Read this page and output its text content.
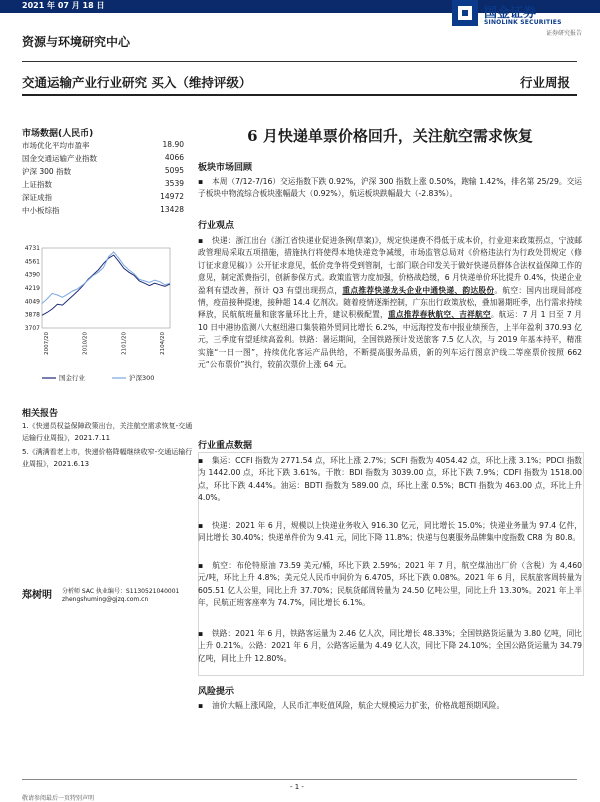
2021 年 07 月 18 日
国金证券
SINOLINK SECURITIES
证券研究报告
资源与环境研究中心
交通运输产业行业研究 买入（维持评级）	行业周报
市场数据(人民币)
市场优化平均市盈率	18.90
国金交通运输产业指数	4066
沪深 300 指数	5095
上证指数	3539
深证成指	14972
中小板综指	13428
4731
4561
4390
4219
4049
3878
3707
2007/20	2010/20	2101/20	2104/20
国金行业	沪深300
相关报告
1.《快递员权益保障政策出台，关注航空需求恢复-交通运输行业周报》，2021.7.11
5.《满满看老上市，快递价格降幅继续收窄-交通运输行业周报》，2021.6.13
郑树明 分析师 SAC 执业编号：S1130521040001
zhengshuming@gjzq.com.cn
6 月快递单票价格回升，关注航空需求恢复
板块市场回顾
▪ 本周（7/12-7/16）交运指数下跌 0.92%，沪深 300 指数上涨 0.50%，跑输 1.42%，排名第 25/29。交运子板块中物流综合板块涨幅最大（0.92%），航运板块跌幅最大（-2.83%）。
行业观点
▪ 快递：浙江出台《浙江省快递业促进条例(草案)》，规定快递费不得低于成本价，行业迎来政策拐点，宁波邮政管理局采取五项措施，措施执行将使得本地快递竞争减缓，市场监管总局对《价格违法行为行政处罚规定（修订征求意见稿）》公开征求意见，低价竞争将受到管制，七部门联合印发关于做好快递员群体合法权益保障工作的意见，制定派费指引，创新参保方式。政策监管力度加强，价格战趋缓，6 月快递单价环比提升 0.4%，快递企业盈利有望改善，预计 Q3 有望出现拐点，重点推荐快递龙头企业中通快递、韵达股份。航空：国内出现局部疫情，疫苗接种提速，接种超 14.4 亿剂次。随着疫情逐渐控制，广东出行政策放松，叠加暑期旺季，出行需求持续释放，民航航班量和旅客量环比上升，建议积极配置，重点推荐春秋航空、吉祥航空。航运：7 月 1 日至 7 月 10 日中港协监测八大枢纽港口集装箱外贸同比增长 6.2%，中远海控发布中报业绩预告，上半年盈利 370.93 亿元，三季度有望延续高盈利。铁路：暑运期间，全国铁路预计发送旅客 7.5 亿人次，与 2019 年基本持平，精准实施“一日一图”，持续优化客运产品供给，不断提高服务品质，新的列车运行图京沪线二等座票价按照 662 元“公布票价”执行，较前次票价上涨 64 元。
行业重点数据
▪ 集运：CCFI 指数为 2771.54 点，环比上涨 2.7%；SCFI 指数为 4054.42 点，环比上涨 3.1%；PDCI 指数为 1442.00 点，环比下跌 3.61%。干散：BDI 指数为 3039.00 点，环比下跌 7.9%；CDFI 指数为 1518.00 点，环比下跌 4.44%。油运：BDTI 指数为 589.00 点，环比上涨 0.5%；BCTI 指数为 463.00 点，环比上升 4.0%。
▪ 快递：2021 年 6 月，规模以上快递业务收入 916.30 亿元，同比增长 15.0%；快递业务量为 97.4 亿件，同比增长 30.40%；快递单件价为 9.41 元，同比下降 11.8%；快递与包裹服务品牌集中度指数 CR8 为 80.8。
▪ 航空：布伦特原油 73.59 美元/桶，环比下跌 2.59%；2021 年 7 月，航空煤油出厂价（含税）为 4,460 元/吨，环比上升 4.8%；美元兑人民币中间价为 6.4705，环比下跌 0.08%。2021 年 6 月，民航旅客周转量为 605.51 亿人公里，同比上升 37.70%；民航货邮周转量为 24.50 亿吨公里，同比上升 13.30%。2021 年上半年，民航正班客座率为 74.7%，同比增长 6.1%。
▪ 铁路：2021 年 6 月，铁路客运量为 2.46 亿人次，同比增长 48.33%；全国铁路货运量为 3.80 亿吨，同比上升 0.21%。公路：2021 年 6 月，公路客运量为 4.49 亿人次，同比下降 24.10%；全国公路货运量为 34.79 亿吨，同比上升 12.80%。
风险提示
▪ 油价大幅上涨风险，人民币汇率贬值风险，航企大规模运力扩张，价格战超预期风险。
- 1 -
敬请参阅最后一页特别声明
